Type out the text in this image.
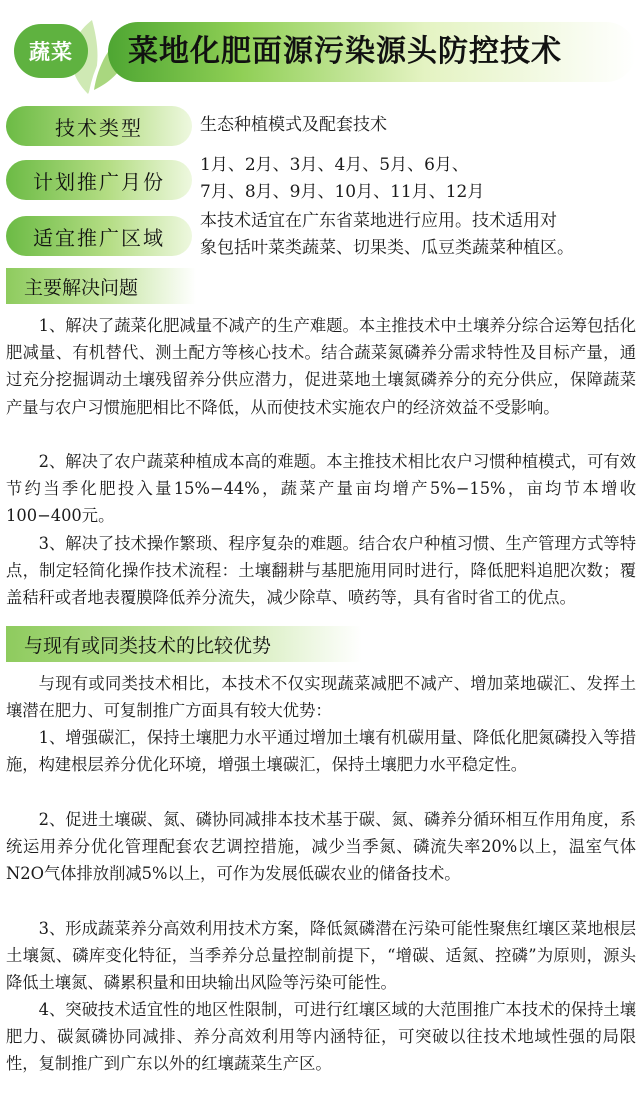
蔬菜	菜地化肥面源污染源头防控技术
技术类型	生态种植模式及配套技术
计划推广月份
1月、2月、3月、4月、5月、6月、
7月、8月、9月、10月、11月、12月
适宜推广区域
本技术适宜在广东省菜地进行应用。技术适用对
象包括叶菜类蔬菜、切果类、瓜豆类蔬菜种植区。
主要解决问题

1、解决了蔬菜化肥减量不减产的生产难题。本主推技术中土壤养分综合运筹包括化肥减量、有机替代、测土配方等核心技术。结合蔬菜氮磷养分需求特性及目标产量，通过充分挖掘调动土壤残留养分供应潜力，促进菜地土壤氮磷养分的充分供应，保障蔬菜产量与农户习惯施肥相比不降低，从而使技术实施农户的经济效益不受影响。

2、解决了农户蔬菜种植成本高的难题。本主推技术相比农户习惯种植模式，可有效节约当季化肥投入量15%−44%，蔬菜产量亩均增产5%−15%，亩均节本增收100−400元。

3、解决了技术操作繁琐、程序复杂的难题。结合农户种植习惯、生产管理方式等特点，制定轻简化操作技术流程：土壤翻耕与基肥施用同时进行，降低肥料追肥次数；覆盖秸秆或者地表覆膜降低养分流失，减少除草、喷药等，具有省时省工的优点。

与现有或同类技术的比较优势

与现有或同类技术相比，本技术不仅实现蔬菜减肥不减产、增加菜地碳汇、发挥土壤潜在肥力、可复制推广方面具有较大优势：

1、增强碳汇，保持土壤肥力水平通过增加土壤有机碳用量、降低化肥氮磷投入等措施，构建根层养分优化环境，增强土壤碳汇，保持土壤肥力水平稳定性。

2、促进土壤碳、氮、磷协同减排本技术基于碳、氮、磷养分循环相互作用角度，系统运用养分优化管理配套农艺调控措施，减少当季氮、磷流失率20%以上，温室气体N2O气体排放削减5%以上，可作为发展低碳农业的储备技术。

3、形成蔬菜养分高效利用技术方案，降低氮磷潜在污染可能性聚焦红壤区菜地根层土壤氮、磷库变化特征，当季养分总量控制前提下，“增碳、适氮、控磷”为原则，源头降低土壤氮、磷累积量和田块输出风险等污染可能性。

4、突破技术适宜性的地区性限制，可进行红壤区域的大范围推广本技术的保持土壤肥力、碳氮磷协同减排、养分高效利用等内涵特征，可突破以往技术地域性强的局限性，复制推广到广东以外的红壤蔬菜生产区。
